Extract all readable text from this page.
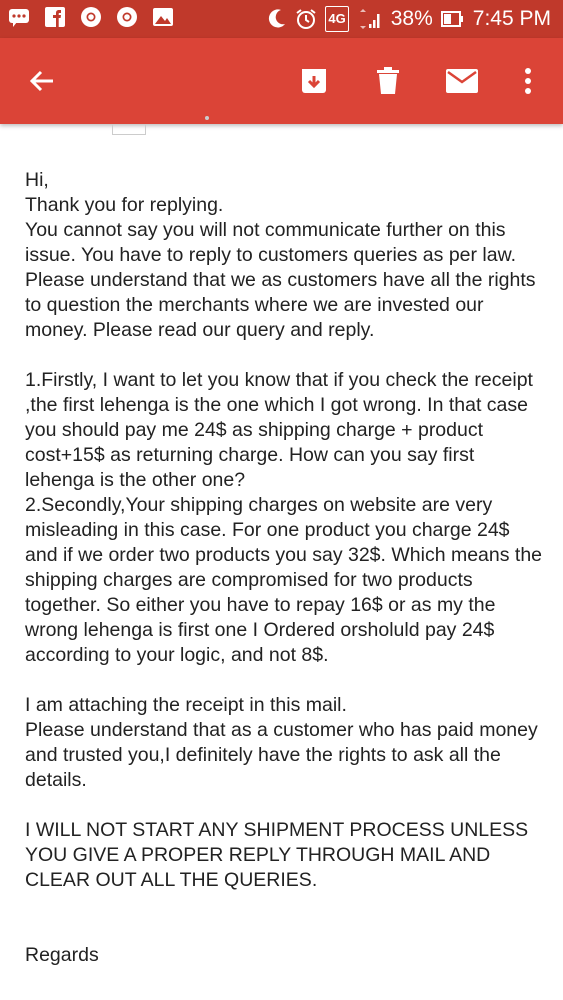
4G 38% 7:45 PM

Hi,

Thank you for replying.

You cannot say you will not communicate further on this issue. You have to reply to customers queries as per law. Please understand that we as customers have all the rights to question the merchants where we are invested our money. Please read our query and reply.

1.Firstly, I want to let you know that if you check the receipt ,the first lehenga is the one which I got wrong. In that case you should pay me 24$ as shipping charge + product cost+15$ as returning charge. How can you say first lehenga is the other one?

2.Secondly,Your shipping charges on website are very misleading in this case. For one product you charge 24$ and if we order two products you say 32$. Which means the shipping charges are compromised for two products together. So either you have to repay 16$ or as my the wrong lehenga is first one I Ordered orsholuld pay 24$ according to your logic, and not 8$.

I am attaching the receipt in this mail.

Please understand that as a customer who has paid money and trusted you,I definitely have the rights to ask all the details.

I WILL NOT START ANY SHIPMENT PROCESS UNLESS YOU GIVE A PROPER REPLY THROUGH MAIL AND CLEAR OUT ALL THE QUERIES.

Regards
